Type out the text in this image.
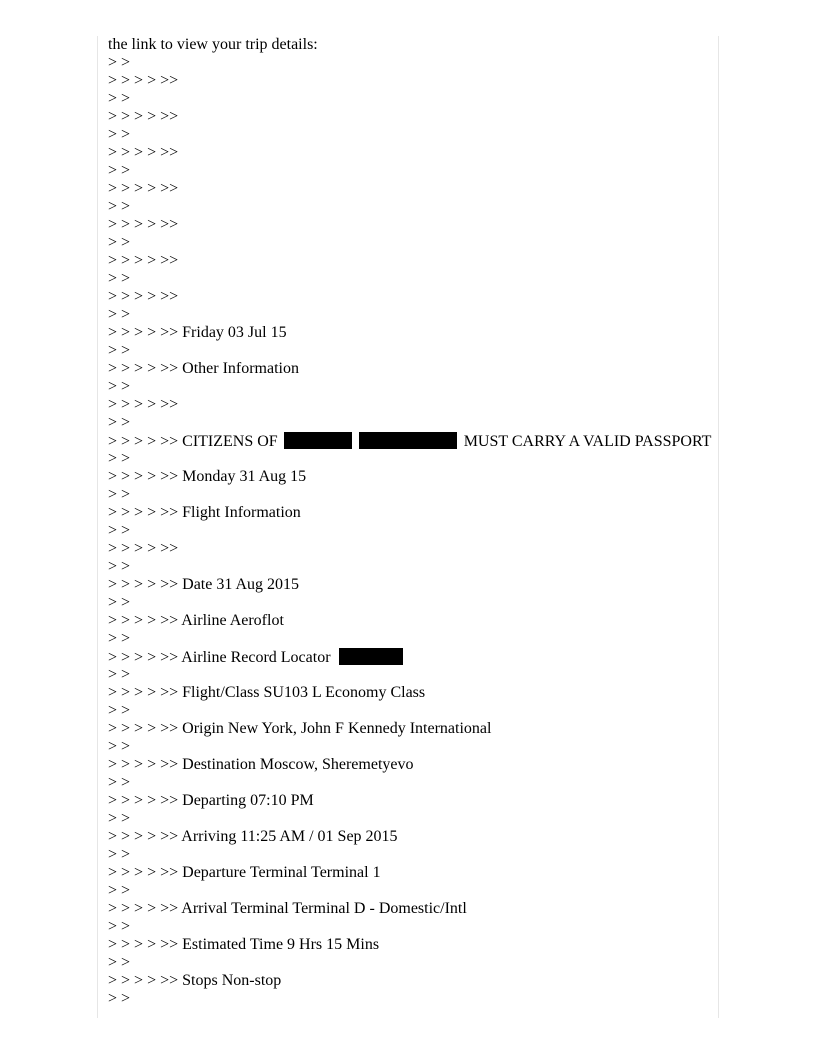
the link to view your trip details:
> >
> > > > >>
> >
> > > > >>
> >
> > > > >>
> >
> > > > >>
> >
> > > > >>
> >
> > > > >>
> >
> > > > >>
> >
> > > > >> Friday 03 Jul 15
> >
> > > > >> Other Information
> >
> > > > >>
> >
> > > > >> CITIZENS OF	MUST CARRY A VALID PASSPORT
> >
> > > > >> Monday 31 Aug 15
> >
> > > > >> Flight Information
> >
> > > > >>
> >
> > > > >> Date 31 Aug 2015
> >
> > > > >> Airline Aeroflot
> >
> > > > >> Airline Record Locator
> >
> > > > >> Flight/Class SU103 L Economy Class
> >
> > > > >> Origin New York, John F Kennedy International
> >
> > > > >> Destination Moscow, Sheremetyevo
> >
> > > > >> Departing 07:10 PM
> >
> > > > >> Arriving 11:25 AM / 01 Sep 2015
> >
> > > > >> Departure Terminal Terminal 1
> >
> > > > >> Arrival Terminal Terminal D - Domestic/Intl
> >
> > > > >> Estimated Time 9 Hrs 15 Mins
> >
> > > > >> Stops Non-stop
> >
